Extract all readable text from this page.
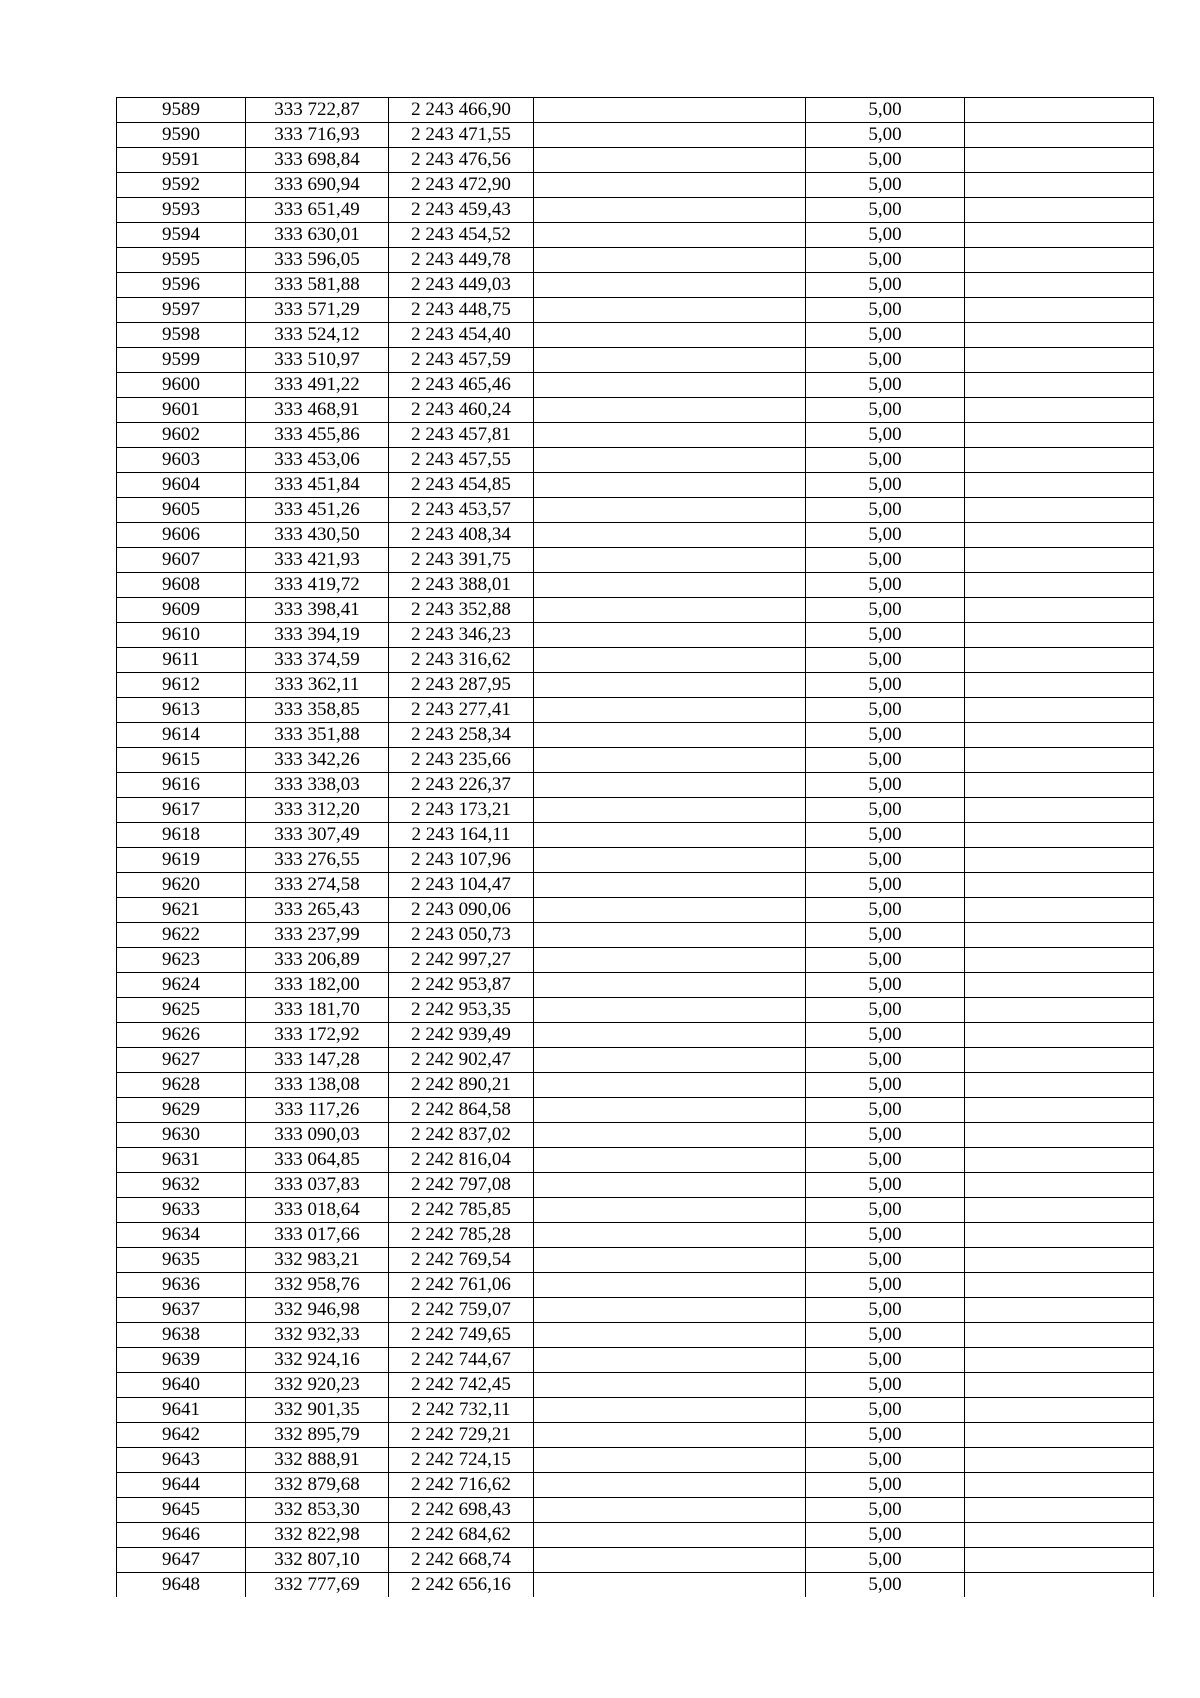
9589	333 722,87	2 243 466,90		5,00	
9590	333 716,93	2 243 471,55		5,00	
9591	333 698,84	2 243 476,56		5,00	
9592	333 690,94	2 243 472,90		5,00	
9593	333 651,49	2 243 459,43		5,00	
9594	333 630,01	2 243 454,52		5,00	
9595	333 596,05	2 243 449,78		5,00	
9596	333 581,88	2 243 449,03		5,00	
9597	333 571,29	2 243 448,75		5,00	
9598	333 524,12	2 243 454,40		5,00	
9599	333 510,97	2 243 457,59		5,00	
9600	333 491,22	2 243 465,46		5,00	
9601	333 468,91	2 243 460,24		5,00	
9602	333 455,86	2 243 457,81		5,00	
9603	333 453,06	2 243 457,55		5,00	
9604	333 451,84	2 243 454,85		5,00	
9605	333 451,26	2 243 453,57		5,00	
9606	333 430,50	2 243 408,34		5,00	
9607	333 421,93	2 243 391,75		5,00	
9608	333 419,72	2 243 388,01		5,00	
9609	333 398,41	2 243 352,88		5,00	
9610	333 394,19	2 243 346,23		5,00	
9611	333 374,59	2 243 316,62		5,00	
9612	333 362,11	2 243 287,95		5,00	
9613	333 358,85	2 243 277,41		5,00	
9614	333 351,88	2 243 258,34		5,00	
9615	333 342,26	2 243 235,66		5,00	
9616	333 338,03	2 243 226,37		5,00	
9617	333 312,20	2 243 173,21		5,00	
9618	333 307,49	2 243 164,11		5,00	
9619	333 276,55	2 243 107,96		5,00	
9620	333 274,58	2 243 104,47		5,00	
9621	333 265,43	2 243 090,06		5,00	
9622	333 237,99	2 243 050,73		5,00	
9623	333 206,89	2 242 997,27		5,00	
9624	333 182,00	2 242 953,87		5,00	
9625	333 181,70	2 242 953,35		5,00	
9626	333 172,92	2 242 939,49		5,00	
9627	333 147,28	2 242 902,47		5,00	
9628	333 138,08	2 242 890,21		5,00	
9629	333 117,26	2 242 864,58		5,00	
9630	333 090,03	2 242 837,02		5,00	
9631	333 064,85	2 242 816,04		5,00	
9632	333 037,83	2 242 797,08		5,00	
9633	333 018,64	2 242 785,85		5,00	
9634	333 017,66	2 242 785,28		5,00	
9635	332 983,21	2 242 769,54		5,00	
9636	332 958,76	2 242 761,06		5,00	
9637	332 946,98	2 242 759,07		5,00	
9638	332 932,33	2 242 749,65		5,00	
9639	332 924,16	2 242 744,67		5,00	
9640	332 920,23	2 242 742,45		5,00	
9641	332 901,35	2 242 732,11		5,00	
9642	332 895,79	2 242 729,21		5,00	
9643	332 888,91	2 242 724,15		5,00	
9644	332 879,68	2 242 716,62		5,00	
9645	332 853,30	2 242 698,43		5,00	
9646	332 822,98	2 242 684,62		5,00	
9647	332 807,10	2 242 668,74		5,00	
9648	332 777,69	2 242 656,16		5,00	
